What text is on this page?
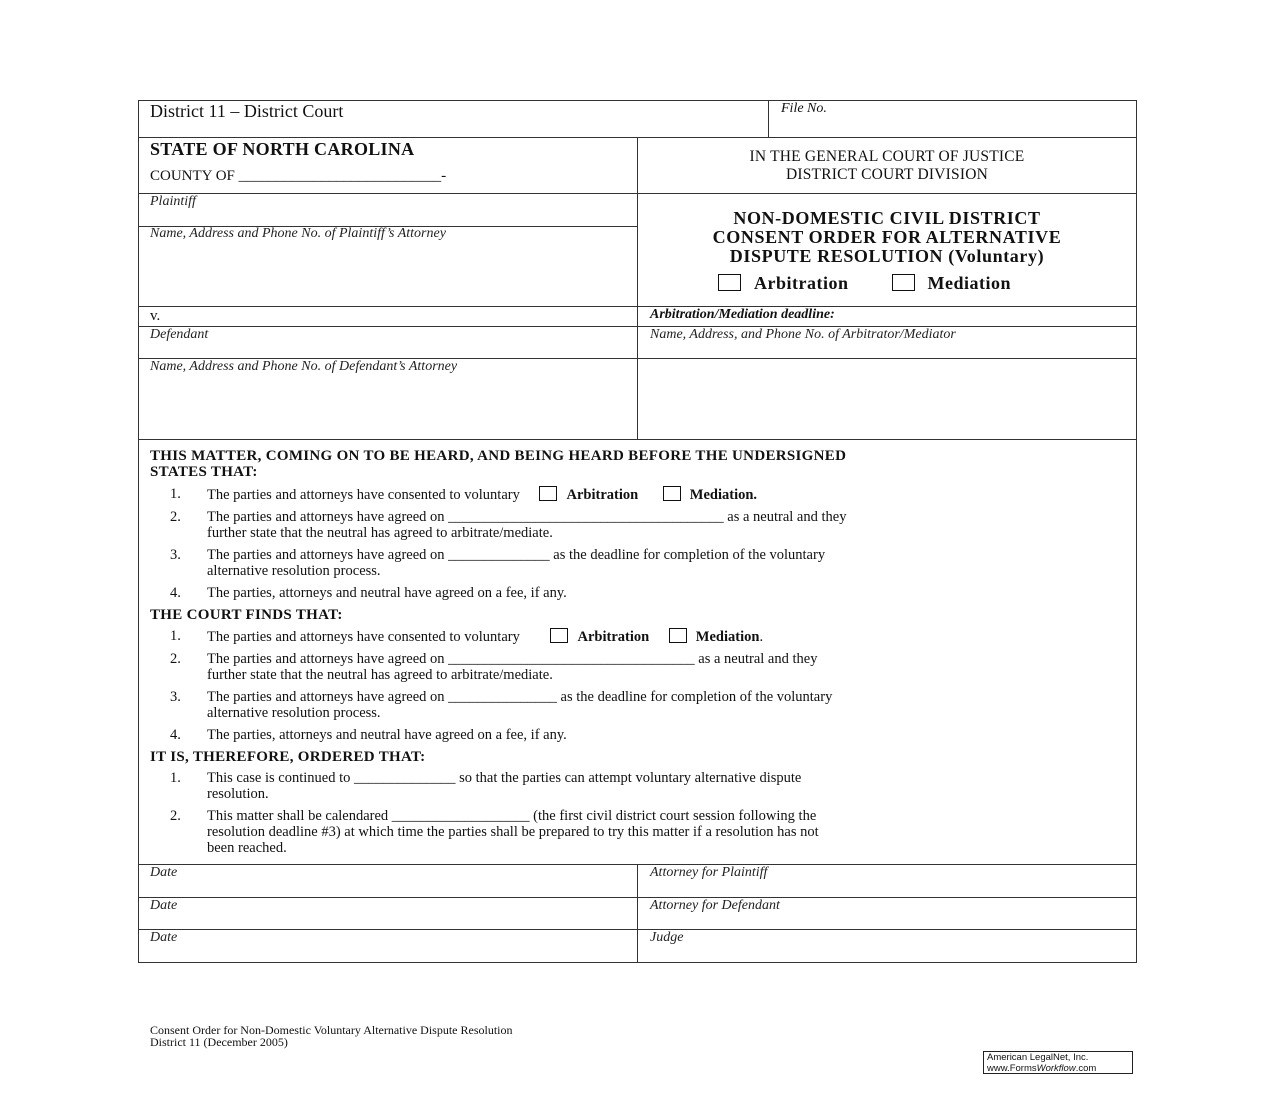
District 11 – District Court	File No.
STATE OF NORTH CAROLINA
COUNTY OF ___________________________-
IN THE GENERAL COURT OF JUSTICE
DISTRICT COURT DIVISION
Plaintiff
Name, Address and Phone No. of Plaintiff’s Attorney
v.
Defendant
Name, Address and Phone No. of Defendant’s Attorney
NON-DOMESTIC CIVIL DISTRICT
CONSENT ORDER FOR ALTERNATIVE
DISPUTE RESOLUTION (Voluntary)
Arbitration	Mediation
Arbitration/Mediation deadline:
Name, Address, and Phone No. of Arbitrator/Mediator
THIS MATTER, COMING ON TO BE HEARD, AND BEING HEARD BEFORE THE UNDERSIGNED
STATES THAT:
1. The parties and attorneys have consented to voluntary	Arbitration	Mediation.
2. The parties and attorneys have agreed on ______________________________________ as a neutral and they
further state that the neutral has agreed to arbitrate/mediate.
3. The parties and attorneys have agreed on ______________ as the deadline for completion of the voluntary
alternative resolution process.
4. The parties, attorneys and neutral have agreed on a fee, if any.
THE COURT FINDS THAT:
1. The parties and attorneys have consented to voluntary	Arbitration	Mediation.
2. The parties and attorneys have agreed on __________________________________ as a neutral and they
further state that the neutral has agreed to arbitrate/mediate.
3. The parties and attorneys have agreed on _______________ as the deadline for completion of the voluntary
alternative resolution process.
4. The parties, attorneys and neutral have agreed on a fee, if any.
IT IS, THEREFORE, ORDERED THAT:
1. This case is continued to ______________ so that the parties can attempt voluntary alternative dispute
resolution.
2. This matter shall be calendared ___________________ (the first civil district court session following the
resolution deadline #3) at which time the parties shall be prepared to try this matter if a resolution has not
been reached.
Date	Attorney for Plaintiff
Date	Attorney for Defendant
Date	Judge
Consent Order for Non-Domestic Voluntary Alternative Dispute Resolution
District 11 (December 2005)
American LegalNet, Inc.
www.FormsWorkflow.com
